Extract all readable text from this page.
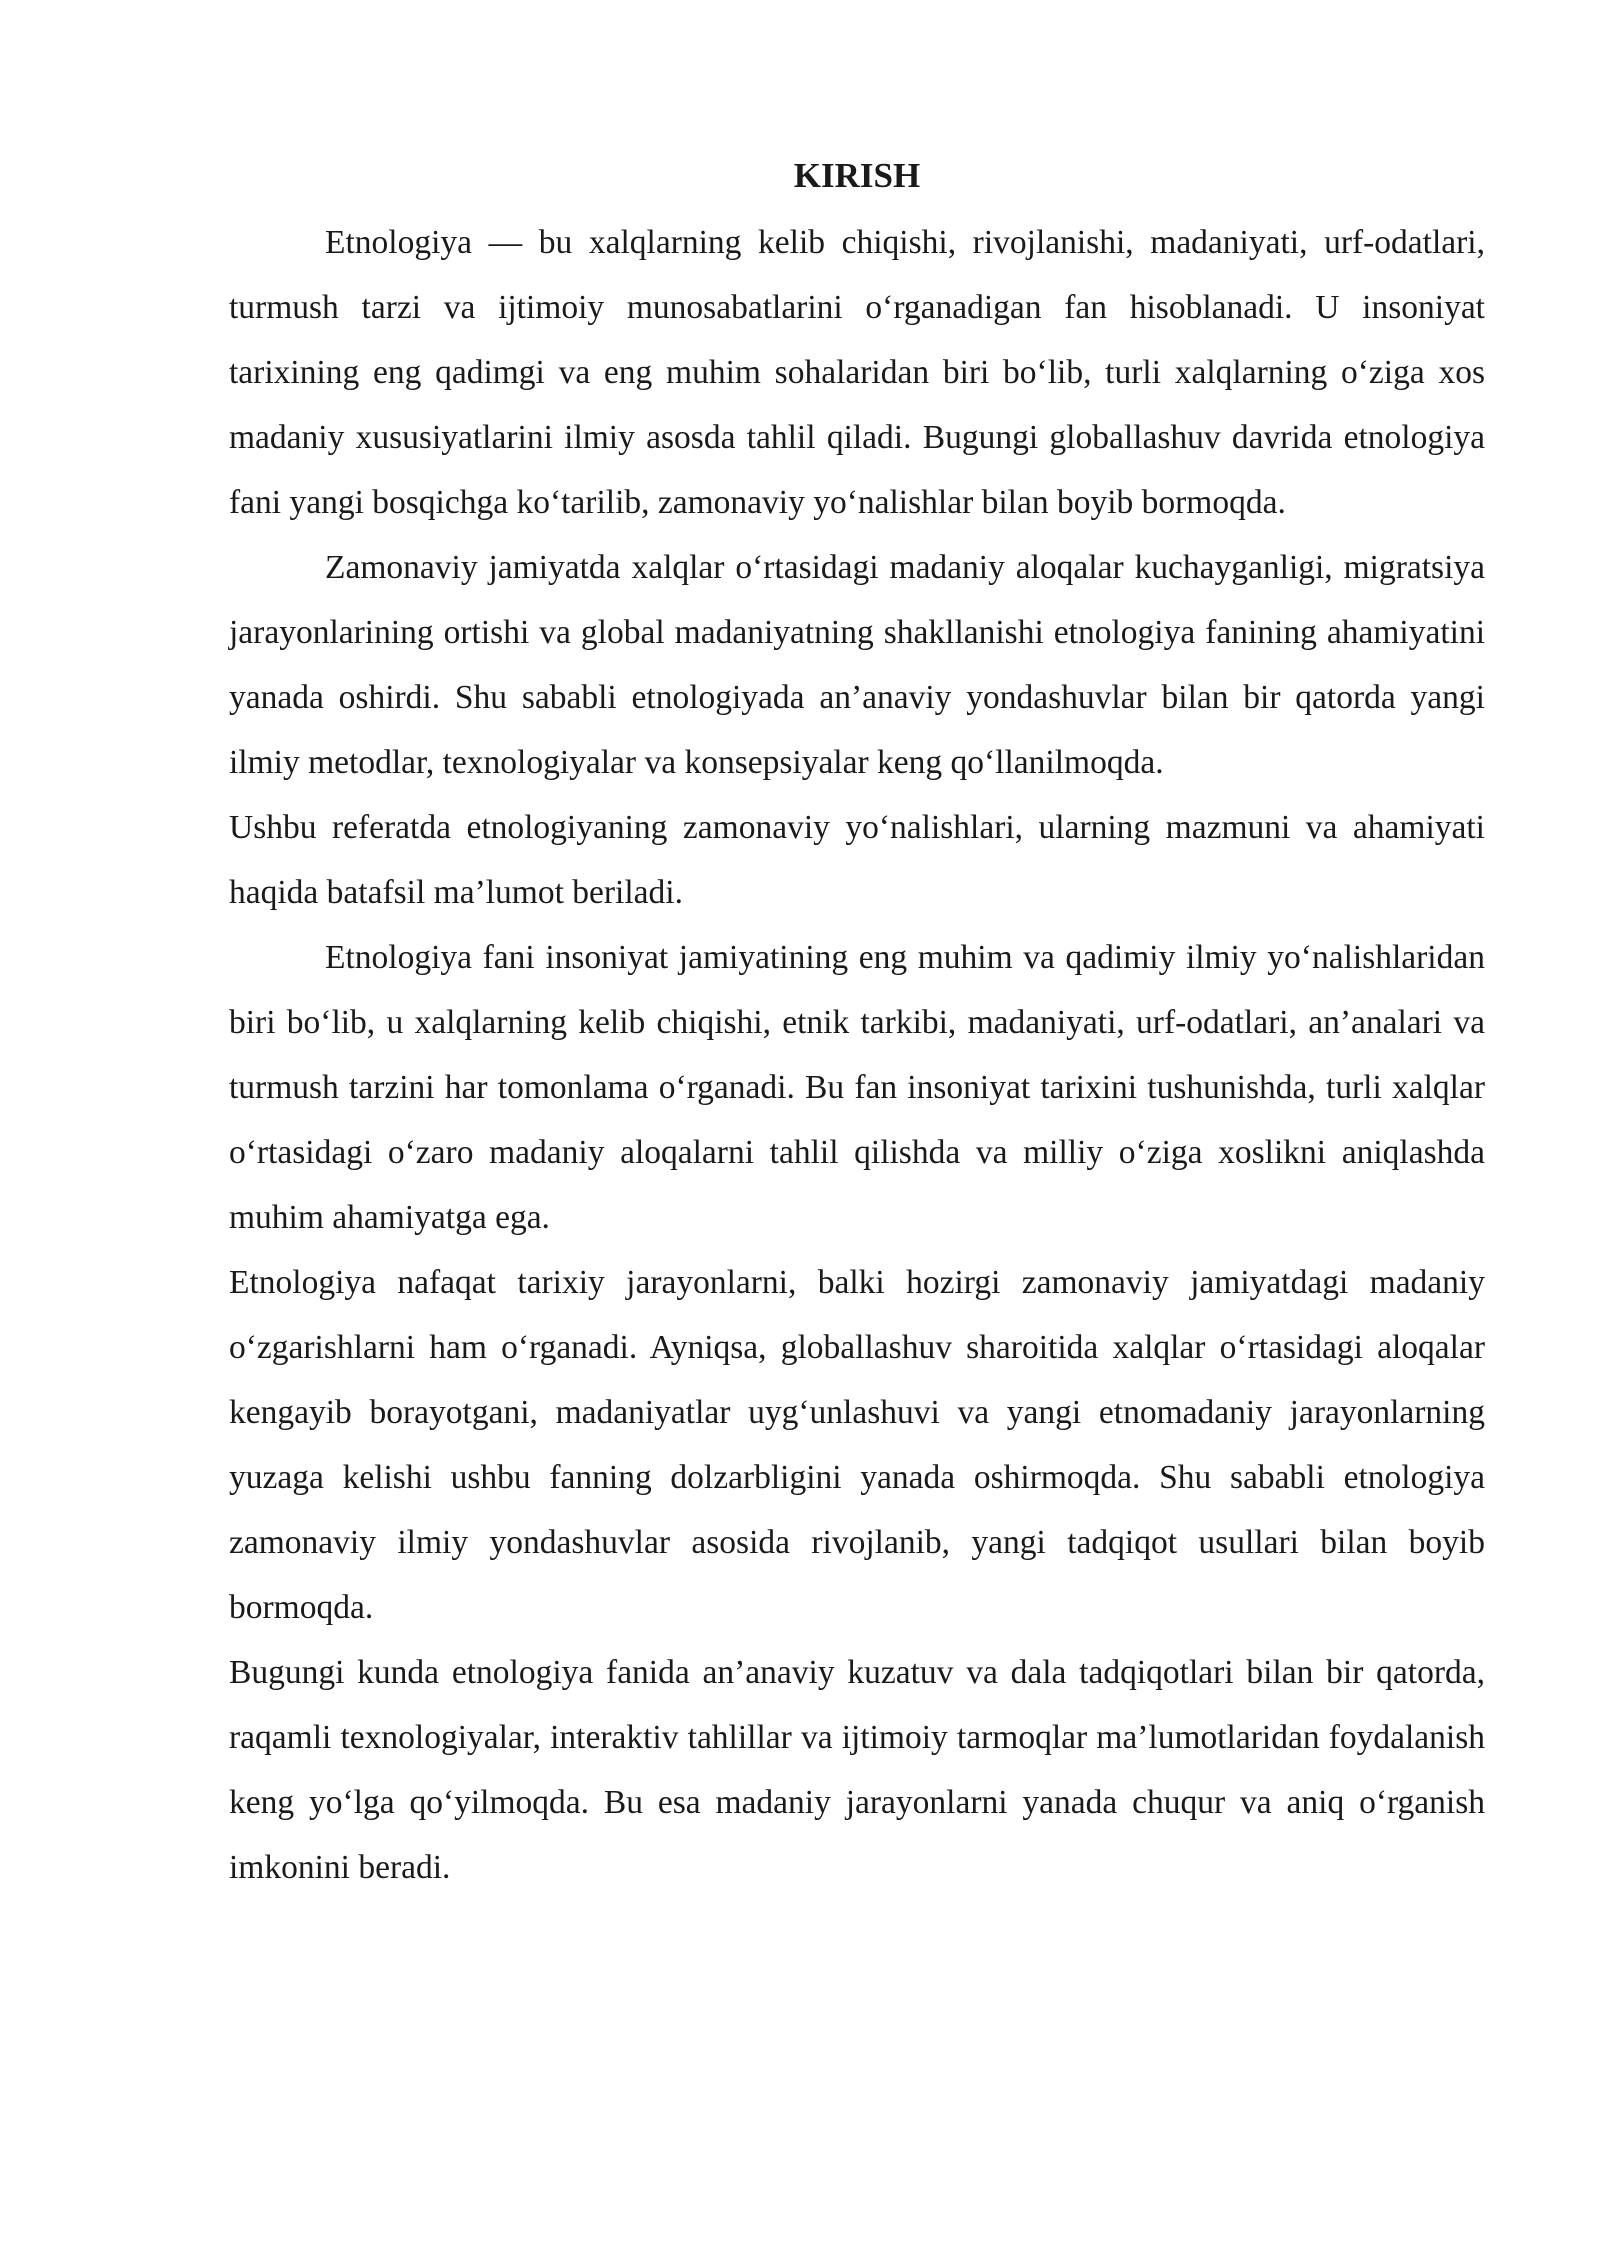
KIRISH

Etnologiya — bu xalqlarning kelib chiqishi, rivojlanishi, madaniyati, urf-odatlari, turmush tarzi va ijtimoiy munosabatlarini o‘rganadigan fan hisoblanadi. U insoniyat tarixining eng qadimgi va eng muhim sohalaridan biri bo‘lib, turli xalqlarning o‘ziga xos madaniy xususiyatlarini ilmiy asosda tahlil qiladi. Bugungi globallashuv davrida etnologiya fani yangi bosqichga ko‘tarilib, zamonaviy yo‘nalishlar bilan boyib bormoqda.

Zamonaviy jamiyatda xalqlar o‘rtasidagi madaniy aloqalar kuchayganligi, migratsiya jarayonlarining ortishi va global madaniyatning shakllanishi etnologiya fanining ahamiyatini yanada oshirdi. Shu sababli etnologiyada an’anaviy yondashuvlar bilan bir qatorda yangi ilmiy metodlar, texnologiyalar va konsepsiyalar keng qo‘llanilmoqda.

Ushbu referatda etnologiyaning zamonaviy yo‘nalishlari, ularning mazmuni va ahamiyati haqida batafsil ma’lumot beriladi.

Etnologiya fani insoniyat jamiyatining eng muhim va qadimiy ilmiy yo‘nalishlaridan biri bo‘lib, u xalqlarning kelib chiqishi, etnik tarkibi, madaniyati, urf-odatlari, an’analari va turmush tarzini har tomonlama o‘rganadi. Bu fan insoniyat tarixini tushunishda, turli xalqlar o‘rtasidagi o‘zaro madaniy aloqalarni tahlil qilishda va milliy o‘ziga xoslikni aniqlashda muhim ahamiyatga ega.

Etnologiya nafaqat tarixiy jarayonlarni, balki hozirgi zamonaviy jamiyatdagi madaniy o‘zgarishlarni ham o‘rganadi. Ayniqsa, globallashuv sharoitida xalqlar o‘rtasidagi aloqalar kengayib borayotgani, madaniyatlar uyg‘unlashuvi va yangi etnomadaniy jarayonlarning yuzaga kelishi ushbu fanning dolzarbligini yanada oshirmoqda. Shu sababli etnologiya zamonaviy ilmiy yondashuvlar asosida rivojlanib, yangi tadqiqot usullari bilan boyib bormoqda.

Bugungi kunda etnologiya fanida an’anaviy kuzatuv va dala tadqiqotlari bilan bir qatorda, raqamli texnologiyalar, interaktiv tahlillar va ijtimoiy tarmoqlar ma’lumotlaridan foydalanish keng yo‘lga qo‘yilmoqda. Bu esa madaniy jarayonlarni yanada chuqur va aniq o‘rganish imkonini beradi.
